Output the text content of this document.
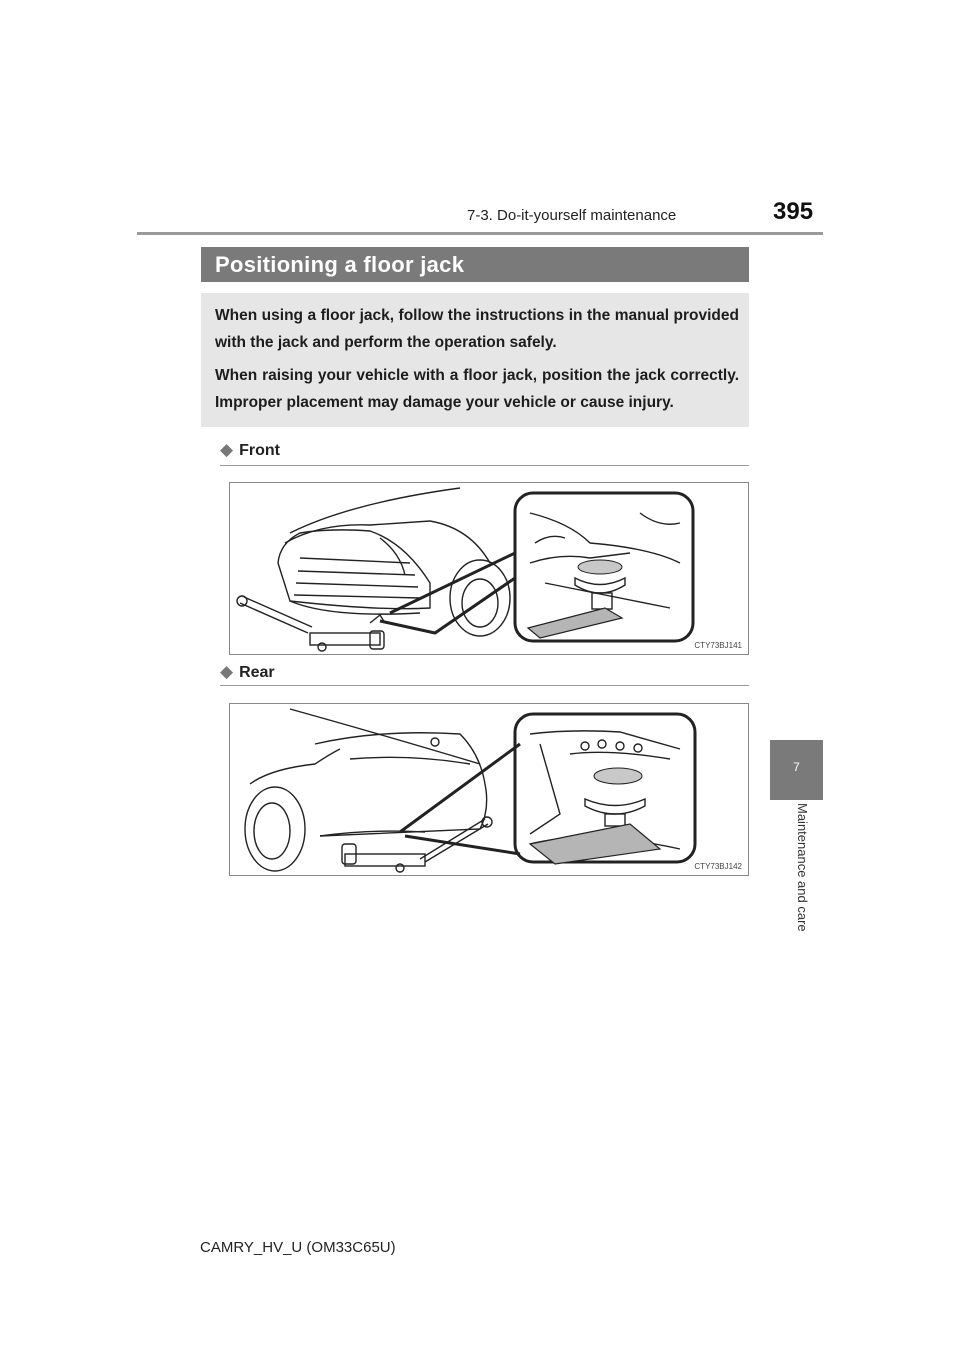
7-3. Do-it-yourself maintenance	395
Positioning a floor jack

When using a floor jack, follow the instructions in the manual provided with the jack and perform the operation safely.

When raising your vehicle with a floor jack, position the jack correctly. Improper placement may damage your vehicle or cause injury.

◆ Front
CTY73BJ141
◆ Rear
CTY73BJ142
7
Maintenance and care
CAMRY_HV_U (OM33C65U)
